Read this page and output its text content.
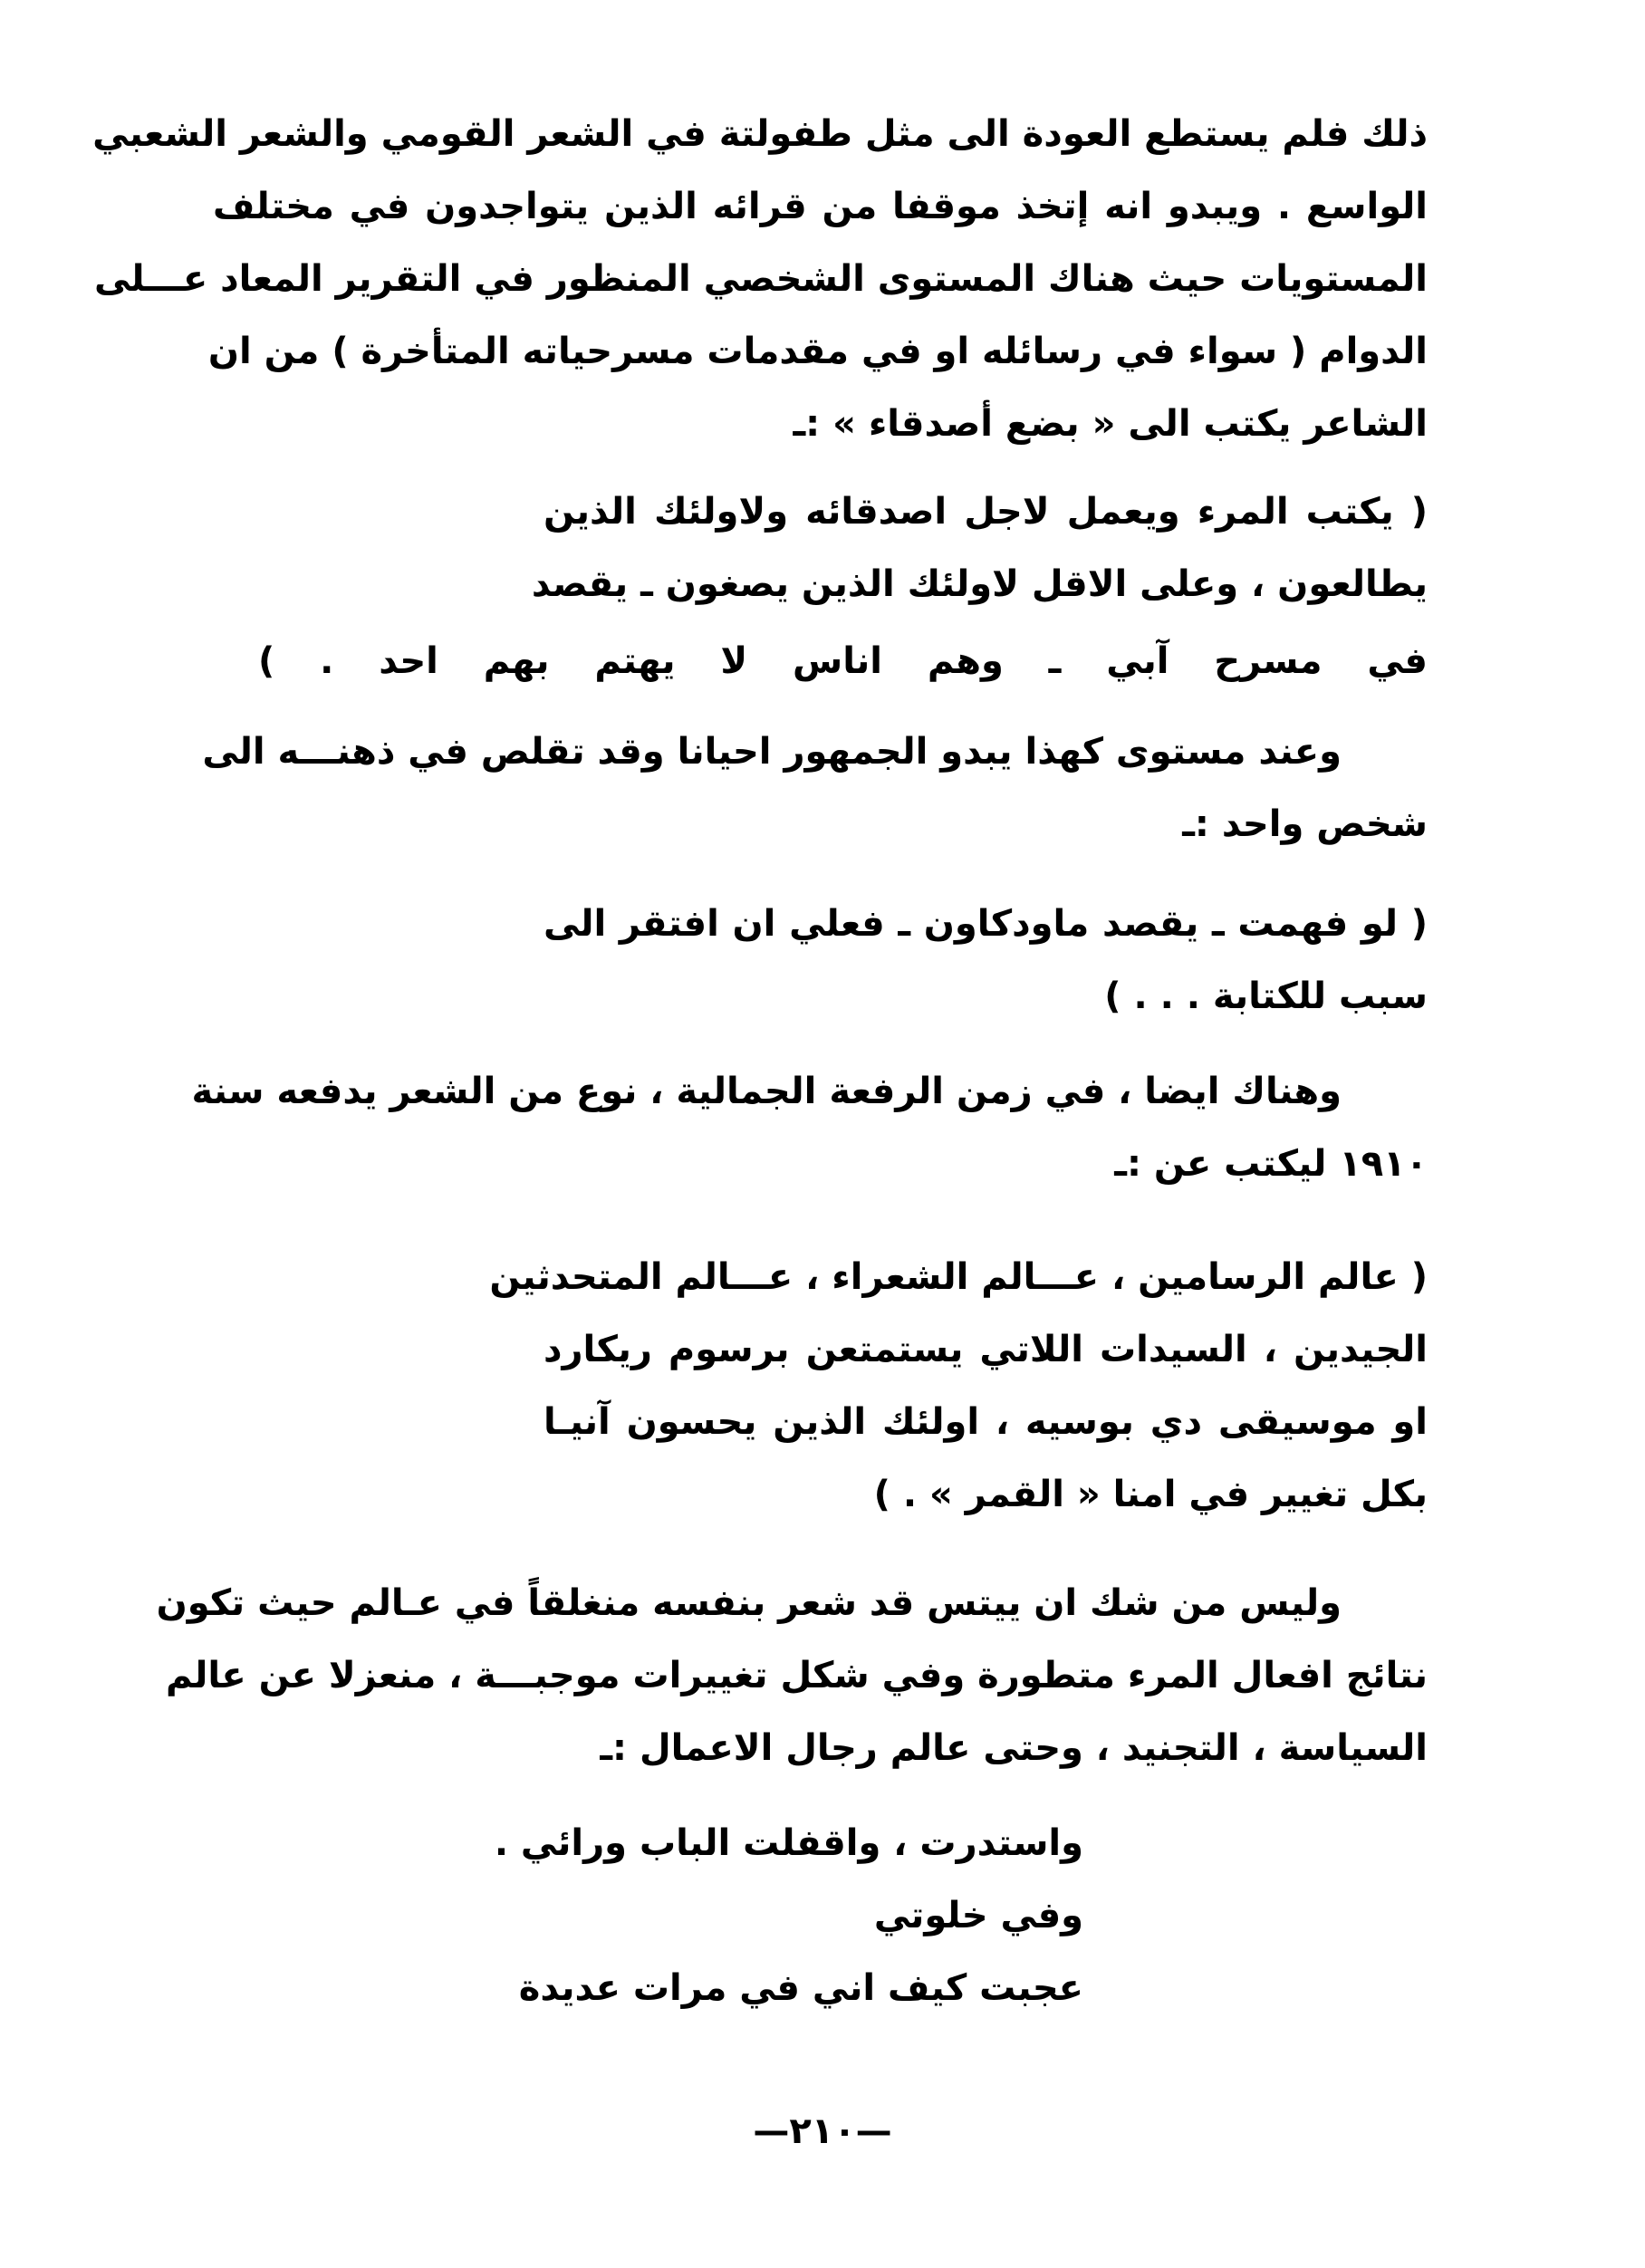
ذلك فلم يستطع العودة الى مثل طفولتة في الشعر القومي والشعر الشعبي
الواسع . ويبدو انه إتخذ موقفا من قرائه الذين يتواجدون في مختلف
المستويات حيث هناك المستوى الشخصي المنظور في التقرير المعاد عـــلى
الدوام ( سواء في رسائله او في مقدمات مسرحياته المتأخرة ) من ان
الشاعر يكتب الى « بضع أصدقاء » :ـ
( يكتب المرء ويعمل لاجل اصدقائه ولاولئك الذين
يطالعون ، وعلى الاقل لاولئك الذين يصغون ـ يقصد
في مسرح آبي ـ وهم اناس لا يهتم بهم احد . )
وعند مستوى كهذا يبدو الجمهور احيانا وقد تقلص في ذهنـــه الى
شخص واحد :ـ
( لو فهمت ـ يقصد ماودكاون ـ فعلي ان افتقر الى
سبب للكتابة . . . )
وهناك ايضا ، في زمن الرفعة الجمالية ، نوع من الشعر يدفعه سنة
١٩١٠ ليكتب عن :ـ
( عالم الرسامين ، عـــالم الشعراء ، عـــالم المتحدثين
الجيدين ، السيدات اللاتي يستمتعن برسوم ريكارد
او موسيقى دي بوسيه ، اولئك الذين يحسون آنيـا
بكل تغيير في امنا « القمر » . )
وليس من شك ان ييتس قد شعر بنفسه منغلقاً في عـالم حيث تكون
نتائج افعال المرء متطورة وفي شكل تغييرات موجبـــة ، منعزلا عن عالم
السياسة ، التجنيد ، وحتى عالم رجال الاعمال :ـ
واستدرت ، واقفلت الباب ورائي .
وفي خلوتي
عجبت كيف اني في مرات عديدة
—٢١٠—
